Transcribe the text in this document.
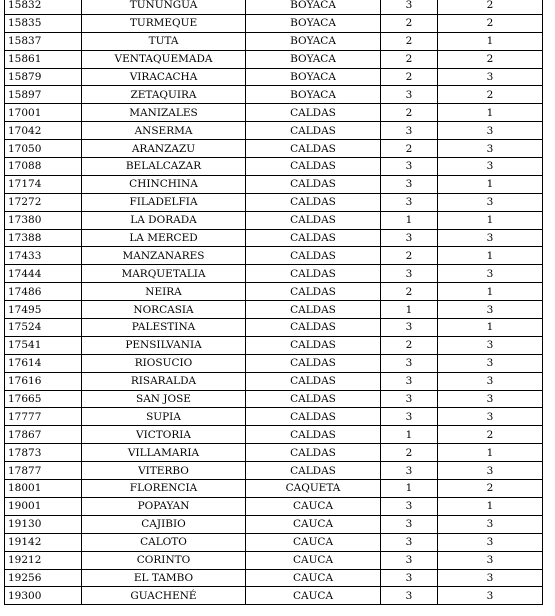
15832	TUNUNGUA	BOYACA	3	2
15835	TURMEQUE	BOYACA	2	2
15837	TUTA	BOYACA	2	1
15861	VENTAQUEMADA	BOYACA	2	2
15879	VIRACACHA	BOYACA	2	3
15897	ZETAQUIRA	BOYACA	3	2
17001	MANIZALES	CALDAS	2	1
17042	ANSERMA	CALDAS	3	3
17050	ARANZAZU	CALDAS	2	3
17088	BELALCAZAR	CALDAS	3	3
17174	CHINCHINA	CALDAS	3	1
17272	FILADELFIA	CALDAS	3	3
17380	LA DORADA	CALDAS	1	1
17388	LA MERCED	CALDAS	3	3
17433	MANZANARES	CALDAS	2	1
17444	MARQUETALIA	CALDAS	3	3
17486	NEIRA	CALDAS	2	1
17495	NORCASIA	CALDAS	1	3
17524	PALESTINA	CALDAS	3	1
17541	PENSILVANIA	CALDAS	2	3
17614	RIOSUCIO	CALDAS	3	3
17616	RISARALDA	CALDAS	3	3
17665	SAN JOSE	CALDAS	3	3
17777	SUPIA	CALDAS	3	3
17867	VICTORIA	CALDAS	1	2
17873	VILLAMARIA	CALDAS	2	1
17877	VITERBO	CALDAS	3	3
18001	FLORENCIA	CAQUETA	1	2
19001	POPAYAN	CAUCA	3	1
19130	CAJIBIO	CAUCA	3	3
19142	CALOTO	CAUCA	3	3
19212	CORINTO	CAUCA	3	3
19256	EL TAMBO	CAUCA	3	3
19300	GUACHENÉ	CAUCA	3	3
